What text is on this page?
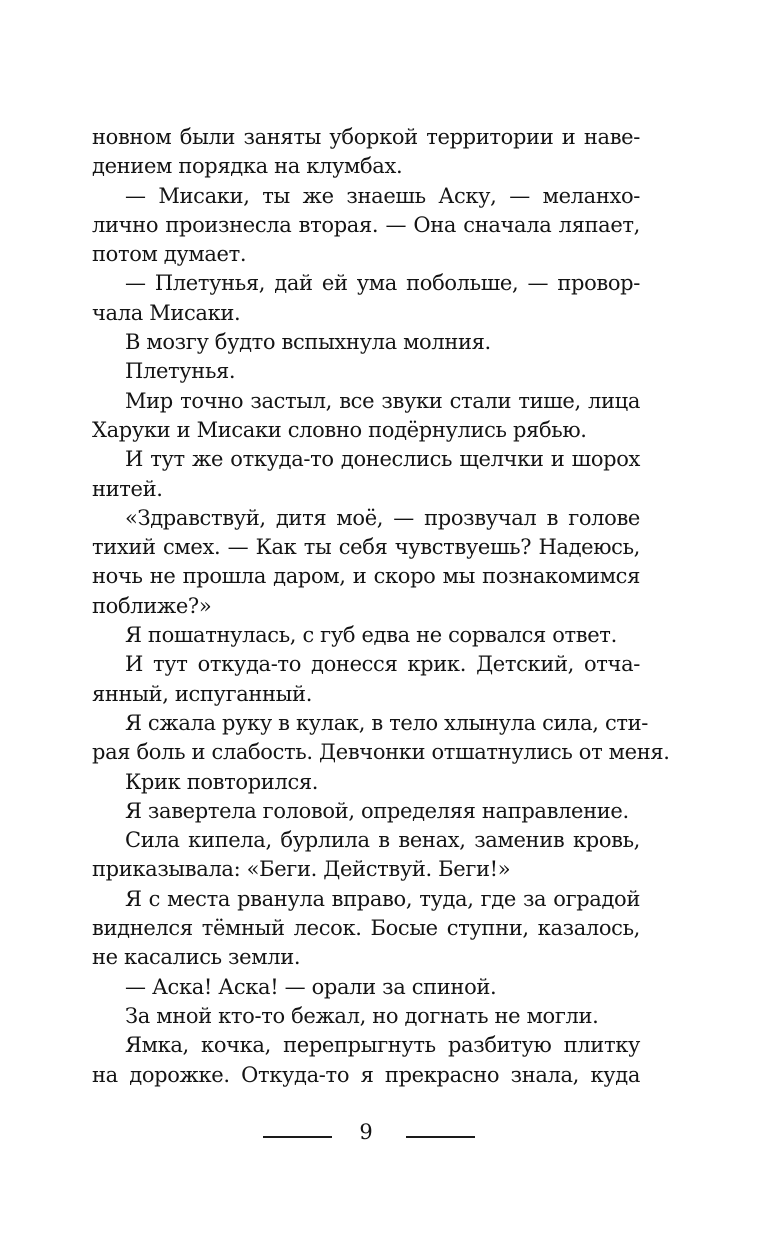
новном были заняты уборкой территории и наве-
дением порядка на клумбах.
— Мисаки, ты же знаешь Аску, — меланхо-
лично произнесла вторая. — Она сначала ляпает,
потом думает.
— Плетунья, дай ей ума побольше, — провор-
чала Мисаки.
В мозгу будто вспыхнула молния.
Плетунья.
Мир точно застыл, все звуки стали тише, лица
Харуки и Мисаки словно подёрнулись рябью.
И тут же откуда-то донеслись щелчки и шорох
нитей.
«Здравствуй, дитя моё, — прозвучал в голове
тихий смех. — Как ты себя чувствуешь? Надеюсь,
ночь не прошла даром, и скоро мы познакомимся
поближе?»
Я пошатнулась, с губ едва не сорвался ответ.
И тут откуда-то донесся крик. Детский, отча-
янный, испуганный.
Я сжала руку в кулак, в тело хлынула сила, сти-
рая боль и слабость. Девчонки отшатнулись от меня.
Крик повторился.
Я завертела головой, определяя направление.
Сила кипела, бурлила в венах, заменив кровь,
приказывала: «Беги. Действуй. Беги!»
Я с места рванула вправо, туда, где за оградой
виднелся тёмный лесок. Босые ступни, казалось,
не касались земли.
— Аска! Аска! — орали за спиной.
За мной кто-то бежал, но догнать не могли.
Ямка, кочка, перепрыгнуть разбитую плитку
на дорожке. Откуда-то я прекрасно знала, куда
9
